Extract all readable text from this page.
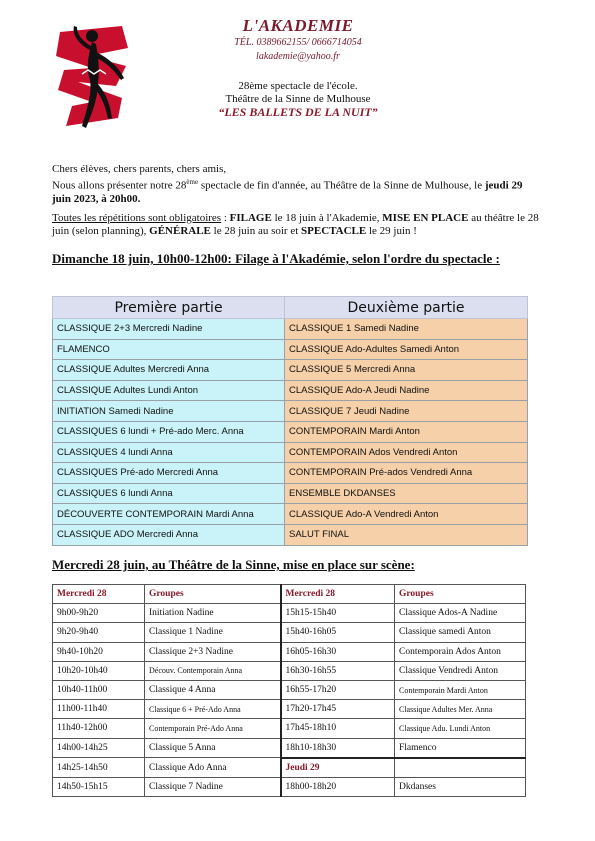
L'AKADEMIE
TÉL. 0389662155/ 0666714054
lakademie@yahoo.fr
28ème spectacle de l'école.
Théâtre de la Sinne de Mulhouse
“LES BALLETS DE LA NUIT”

Chers élèves, chers parents, chers amis,

Nous allons présenter notre 28ème spectacle de fin d'année, au Théâtre de la Sinne de Mulhouse, le jeudi 29 juin 2023, à 20h00.

Toutes les répétitions sont obligatoires : FILAGE le 18 juin à l'Akademie, MISE EN PLACE au théâtre le 28 juin (selon planning), GÉNÉRALE le 28 juin au soir et SPECTACLE le 29 juin !

Dimanche 18 juin, 10h00-12h00: Filage à l'Akadémie, selon l'ordre du spectacle :

Première partie	Deuxième partie
CLASSIQUE 2+3 Mercredi Nadine	CLASSIQUE 1 Samedi Nadine
FLAMENCO	CLASSIQUE Ado-Adultes Samedi Anton
CLASSIQUE Adultes Mercredi Anna	CLASSIQUE 5 Mercredi Anna
CLASSIQUE Adultes Lundi Anton	CLASSIQUE Ado-A Jeudi Nadine
INITIATION Samedi Nadine	CLASSIQUE 7 Jeudi Nadine
CLASSIQUES 6 lundi + Pré-ado Merc. Anna	CONTEMPORAIN Mardi Anton
CLASSIQUES 4 lundi Anna	CONTEMPORAIN Ados Vendredi Anton
CLASSIQUES Pré-ado Mercredi Anna	CONTEMPORAIN Pré-ados Vendredi Anna
CLASSIQUES 6 lundi Anna	ENSEMBLE DKDANSES
DÉCOUVERTE CONTEMPORAIN Mardi Anna	CLASSIQUE Ado-A Vendredi Anton
CLASSIQUE ADO Mercredi Anna	SALUT FINAL

Mercredi 28 juin, au Théâtre de la Sinne, mise en place sur scène:

Mercredi 28	Groupes	Mercredi 28	Groupes
9h00-9h20	Initiation Nadine	15h15-15h40	Classique Ados-A Nadine
9h20-9h40	Classique 1 Nadine	15h40-16h05	Classique samedi Anton
9h40-10h20	Classique 2+3 Nadine	16h05-16h30	Contemporain Ados Anton
10h20-10h40	Découv. Contemporain Anna	16h30-16h55	Classique Vendredi Anton
10h40-11h00	Classique 4 Anna	16h55-17h20	Contemporain Mardi Anton
11h00-11h40	Classique 6 + Pré-Ado Anna	17h20-17h45	Classique Adultes Mer. Anna
11h40-12h00	Contemporain Pré-Ado Anna	17h45-18h10	Classique Adu. Lundi Anton
14h00-14h25	Classique 5 Anna	18h10-18h30	Flamenco
14h25-14h50	Classique Ado Anna	Jeudi 29	
14h50-15h15	Classique 7 Nadine	18h00-18h20	Dkdanses
